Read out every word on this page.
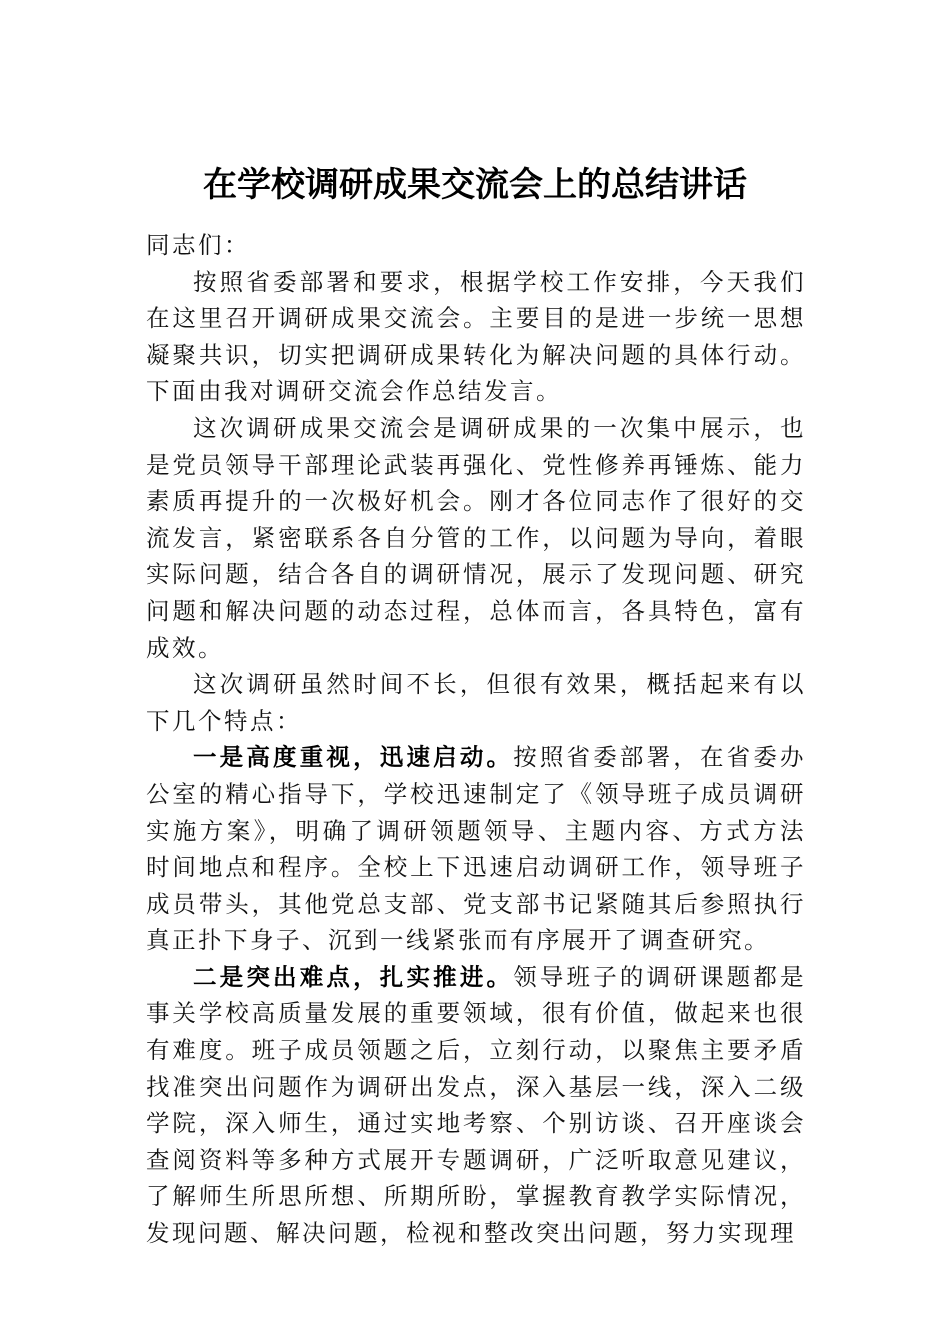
在学校调研成果交流会上的总结讲话

同志们：

按照省委部署和要求，根据学校工作安排，今天我们在这里召开调研成果交流会。主要目的是进一步统一思想凝聚共识，切实把调研成果转化为解决问题的具体行动。下面由我对调研交流会作总结发言。

这次调研成果交流会是调研成果的一次集中展示，也是党员领导干部理论武装再强化、党性修养再锤炼、能力素质再提升的一次极好机会。刚才各位同志作了很好的交流发言，紧密联系各自分管的工作，以问题为导向，着眼实际问题，结合各自的调研情况，展示了发现问题、研究问题和解决问题的动态过程，总体而言，各具特色，富有成效。

这次调研虽然时间不长，但很有效果，概括起来有以下几个特点：

一是高度重视，迅速启动。按照省委部署，在省委办公室的精心指导下，学校迅速制定了《领导班子成员调研实施方案》，明确了调研领题领导、主题内容、方式方法时间地点和程序。全校上下迅速启动调研工作，领导班子成员带头，其他党总支部、党支部书记紧随其后参照执行真正扑下身子、沉到一线紧张而有序展开了调查研究。

二是突出难点，扎实推进。领导班子的调研课题都是事关学校高质量发展的重要领域，很有价值，做起来也很有难度。班子成员领题之后，立刻行动，以聚焦主要矛盾找准突出问题作为调研出发点，深入基层一线，深入二级学院，深入师生，通过实地考察、个别访谈、召开座谈会查阅资料等多种方式展开专题调研，广泛听取意见建议，了解师生所思所想、所期所盼，掌握教育教学实际情况，发现问题、解决问题，检视和整改突出问题，努力实现理
